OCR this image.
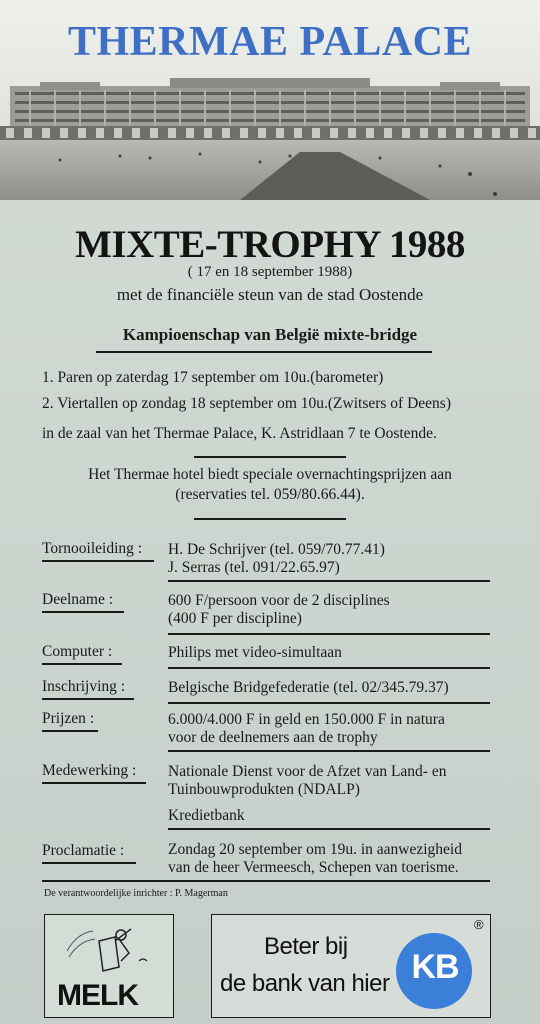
THERMAE PALACE
MIXTE-TROPHY 1988
( 17 en 18 september 1988)
met de financiële steun van de stad Oostende
Kampioenschap van België mixte-bridge
1. Paren op zaterdag 17 september om 10u.(barometer)
2. Viertallen op zondag 18 september om 10u.(Zwitsers of Deens)
in de zaal van het Thermae Palace, K. Astridlaan 7 te Oostende.
Het Thermae hotel biedt speciale overnachtingsprijzen aan
(reservaties tel. 059/80.66.44).
Tornooileiding : H. De Schrijver (tel. 059/70.77.41)
J. Serras (tel. 091/22.65.97)
Deelname :	600 F/persoon voor de 2 disciplines
(400 F per discipline)
Computer :	Philips met video-simultaan
Inschrijving :	Belgische Bridgefederatie (tel. 02/345.79.37)
Prijzen :	6.000/4.000 F in geld en 150.000 F in natura
voor de deelnemers aan de trophy
Medewerking : Nationale Dienst voor de Afzet van Land- en
Tuinbouwprodukten (NDALP)
Kredietbank
Proclamatie :	Zondag 20 september om 19u. in aanwezigheid
van de heer Vermeesch, Schepen van toerisme.
De verantwoordelijke inrichter : P. Magerman
MELK
Beter bij
de bank van hier KB
®
